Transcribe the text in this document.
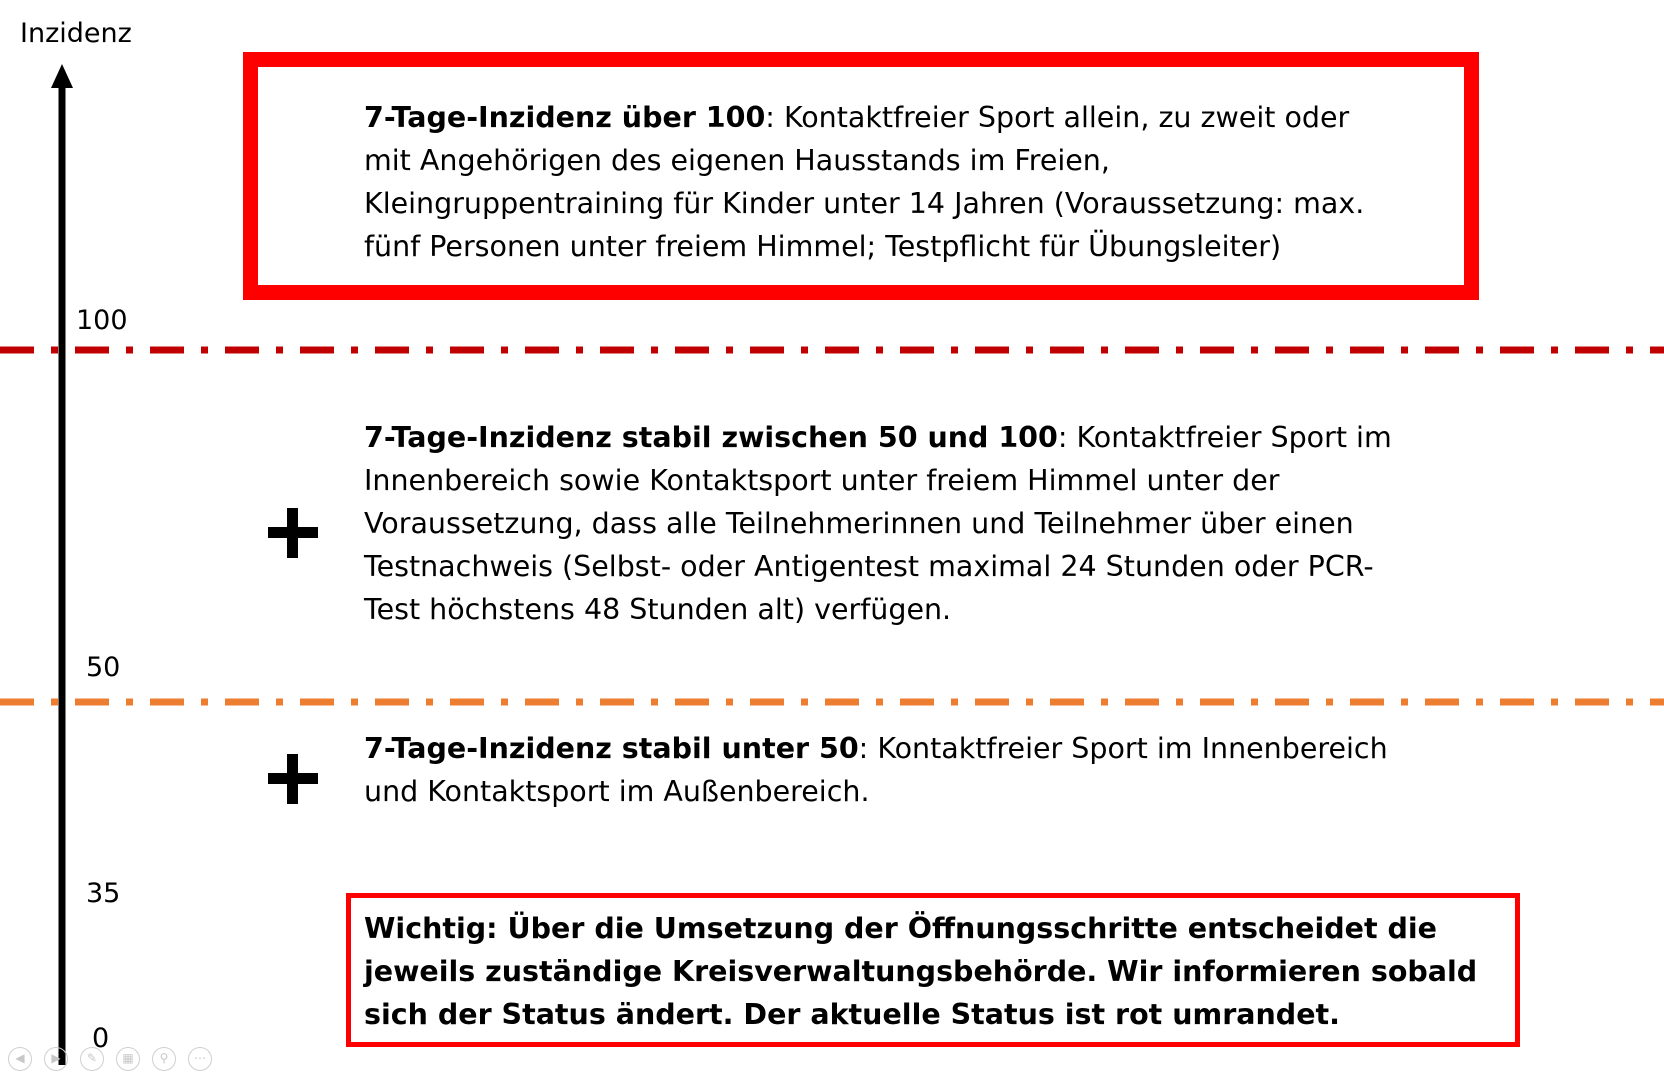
Inzidenz
100
50
35
0
7-Tage-Inzidenz über 100: Kontaktfreier Sport allein, zu zweit oder mit Angehörigen des eigenen Hausstands im Freien, Kleingruppentraining für Kinder unter 14 Jahren (Voraussetzung: max. fünf Personen unter freiem Himmel; Testpflicht für Übungsleiter)
7-Tage-Inzidenz stabil zwischen 50 und 100: Kontaktfreier Sport im Innenbereich sowie Kontaktsport unter freiem Himmel unter der Voraussetzung, dass alle Teilnehmerinnen und Teilnehmer über einen Testnachweis (Selbst- oder Antigentest maximal 24 Stunden oder PCR-Test höchstens 48 Stunden alt) verfügen.
7-Tage-Inzidenz stabil unter 50: Kontaktfreier Sport im Innenbereich und Kontaktsport im Außenbereich.
Wichtig: Über die Umsetzung der Öffnungsschritte entscheidet die jeweils zuständige Kreisverwaltungsbehörde. Wir informieren sobald sich der Status ändert. Der aktuelle Status ist rot umrandet.
◀	▶	✎	▦	⚲	⋯
